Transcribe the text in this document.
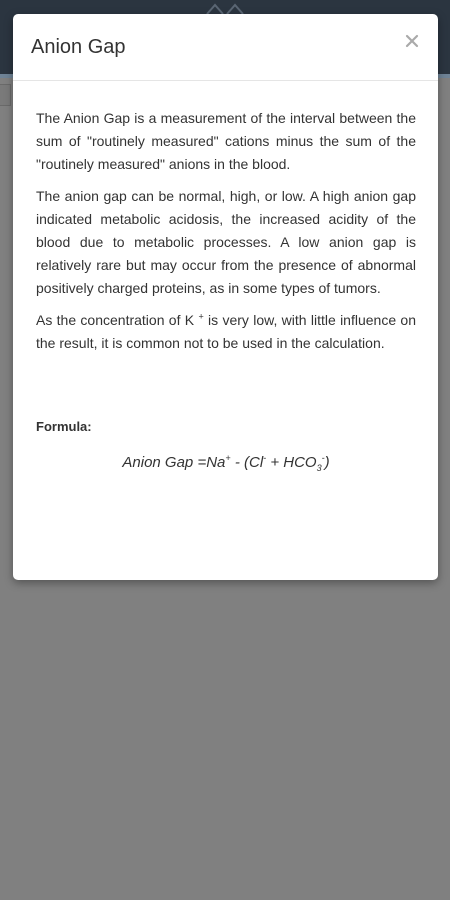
Anion Gap

The Anion Gap is a measurement of the interval between the sum of "routinely measured" cations minus the sum of the "routinely measured" anions in the blood.

The anion gap can be normal, high, or low. A high anion gap indicated metabolic acidosis, the increased acidity of the blood due to metabolic processes. A low anion gap is relatively rare but may occur from the presence of abnormal positively charged proteins, as in some types of tumors.

As the concentration of K + is very low, with little influence on the result, it is common not to be used in the calculation.

Formula:
Anion Gap $=Na^+ - (Cl^- + HCO_3^-)$
